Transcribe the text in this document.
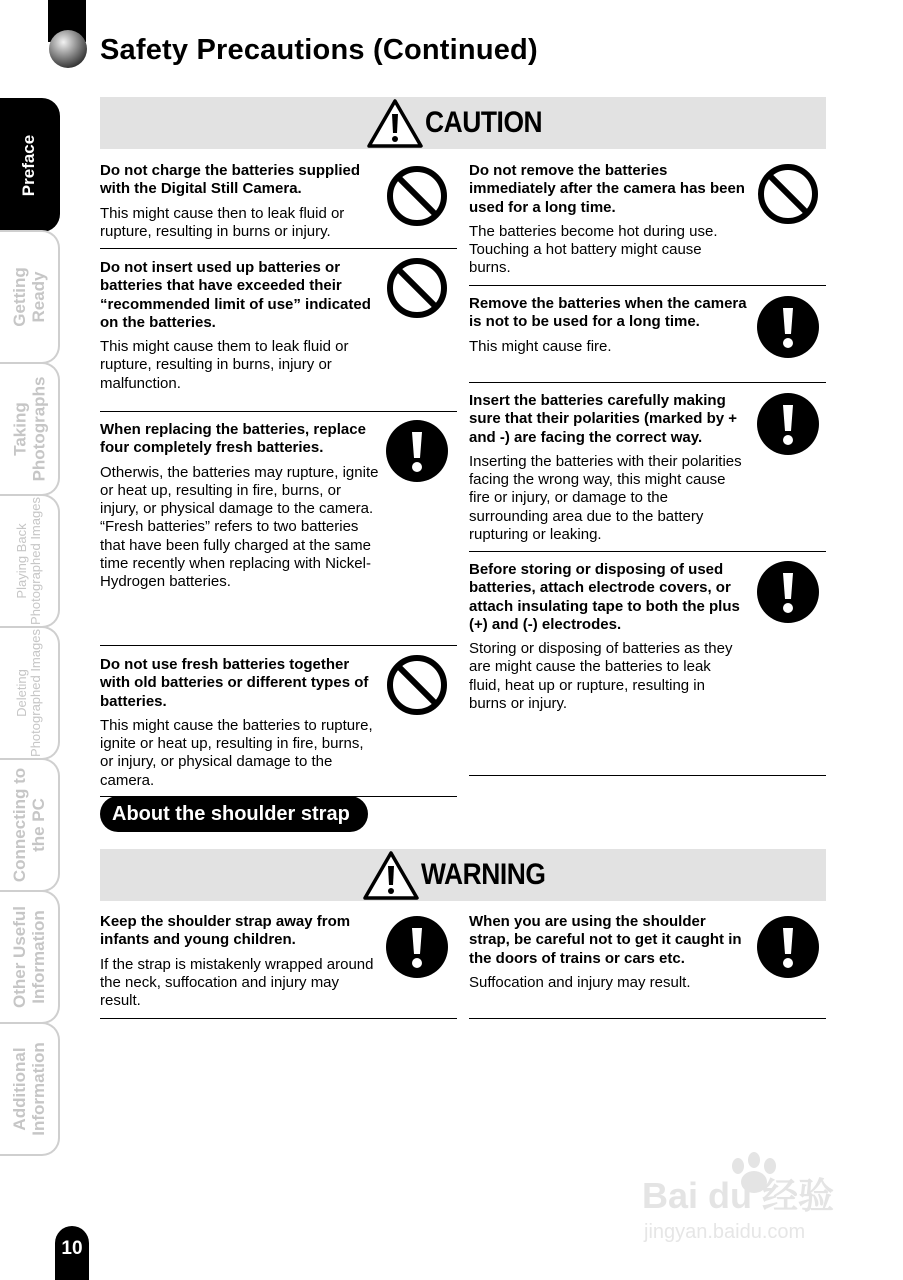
Safety Precautions (Continued)
Preface
Getting
Ready
Taking
Photographs
Playing Back
Photographed Images
Deleting
Photographed Images
Connecting to
the PC
Other Useful
Information
Additional
Information
CAUTION
Do not charge the batteries supplied with the Digital Still Camera.

This might cause then to leak fluid or rupture, resulting in burns or injury.

Do not insert used up batteries or batteries that have exceeded their “recommended limit of use” indicated on the batteries.

This might cause them to leak fluid or rupture, resulting in burns, injury or malfunction.

When replacing the batteries, replace four completely fresh batteries.

Otherwis, the batteries may rupture, ignite or heat up, resulting in fire, burns, or injury, or physical damage to the camera. “Fresh batteries” refers to two batteries that have been fully charged at the same time recently when replacing with Nickel-Hydrogen batteries.

Do not use fresh batteries together with old batteries or different types of batteries.

This might cause the batteries to rupture, ignite or heat up, resulting in fire, burns, or injury, or physical damage to the camera.

Do not remove the batteries immediately after the camera has been used for a long time.

The batteries become hot during use. Touching a hot battery might cause burns.

Remove the batteries when the camera is not to be used for a long time.

This might cause fire.

Insert the batteries carefully making sure that their polarities (marked by + and -) are facing the correct way.

Inserting the batteries with their polarities facing the wrong way, this might cause fire or injury, or damage to the surrounding area due to the battery rupturing or leaking.

Before storing or disposing of used batteries, attach electrode covers, or attach insulating tape to both the plus (+) and (-) electrodes.

Storing or disposing of batteries as they are might cause the batteries to leak fluid, heat up or rupture, resulting in burns or injury.

About the shoulder strap
WARNING
Keep the shoulder strap away from infants and young children.

If the strap is mistakenly wrapped around the neck, suffocation and injury may result.

When you are using the shoulder strap, be careful not to get it caught in the doors of trains or cars etc.

Suffocation and injury may result.

Bai du 经验
jingyan.baidu.com
10
